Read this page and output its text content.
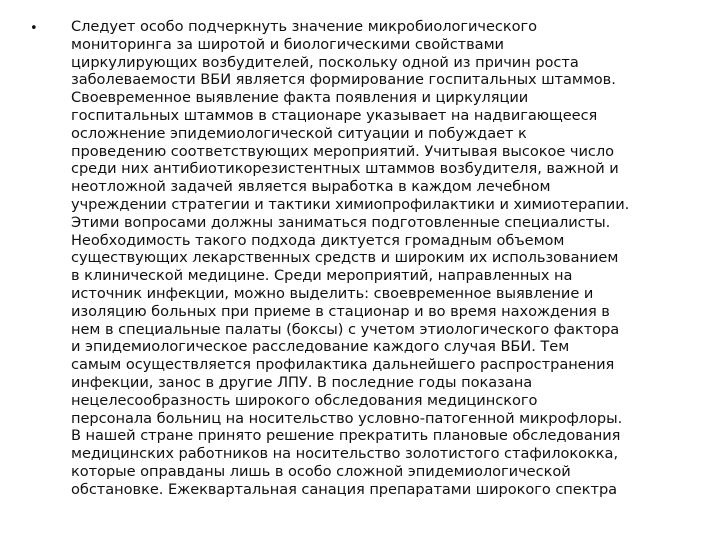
• Следует особо подчеркнуть значение микробиологического
мониторинга за широтой и биологическими свойствами
циркулирующих возбудителей, поскольку одной из причин роста
заболеваемости ВБИ является формирование госпитальных штаммов.
Своевременное выявление факта появления и циркуляции
госпитальных штаммов в стационаре указывает на надвигающееся
осложнение эпидемиологической ситуации и побуждает к
проведению соответствующих мероприятий. Учитывая высокое число
среди них антибиотикорезистентных штаммов возбудителя, важной и
неотложной задачей является выработка в каждом лечебном
учреждении стратегии и тактики химиопрофилактики и химиотерапии.
Этими вопросами должны заниматься подготовленные специалисты.
Необходимость такого подхода диктуется громадным объемом
существующих лекарственных средств и широким их использованием
в клинической медицине. Среди мероприятий, направленных на
источник инфекции, можно выделить: своевременное выявление и
изоляцию больных при приеме в стационар и во время нахождения в
нем в специальные палаты (боксы) с учетом этиологического фактора
и эпидемиологическое расследование каждого случая ВБИ. Тем
самым осуществляется профилактика дальнейшего распространения
инфекции, занос в другие ЛПУ. В последние годы показана
нецелесообразность широкого обследования медицинского
персонала больниц на носительство условно-патогенной микрофлоры.
В нашей стране принято решение прекратить плановые обследования
медицинских работников на носительство золотистого стафилококка,
которые оправданы лишь в особо сложной эпидемиологической
обстановке. Ежеквартальная санация препаратами широкого спектра
